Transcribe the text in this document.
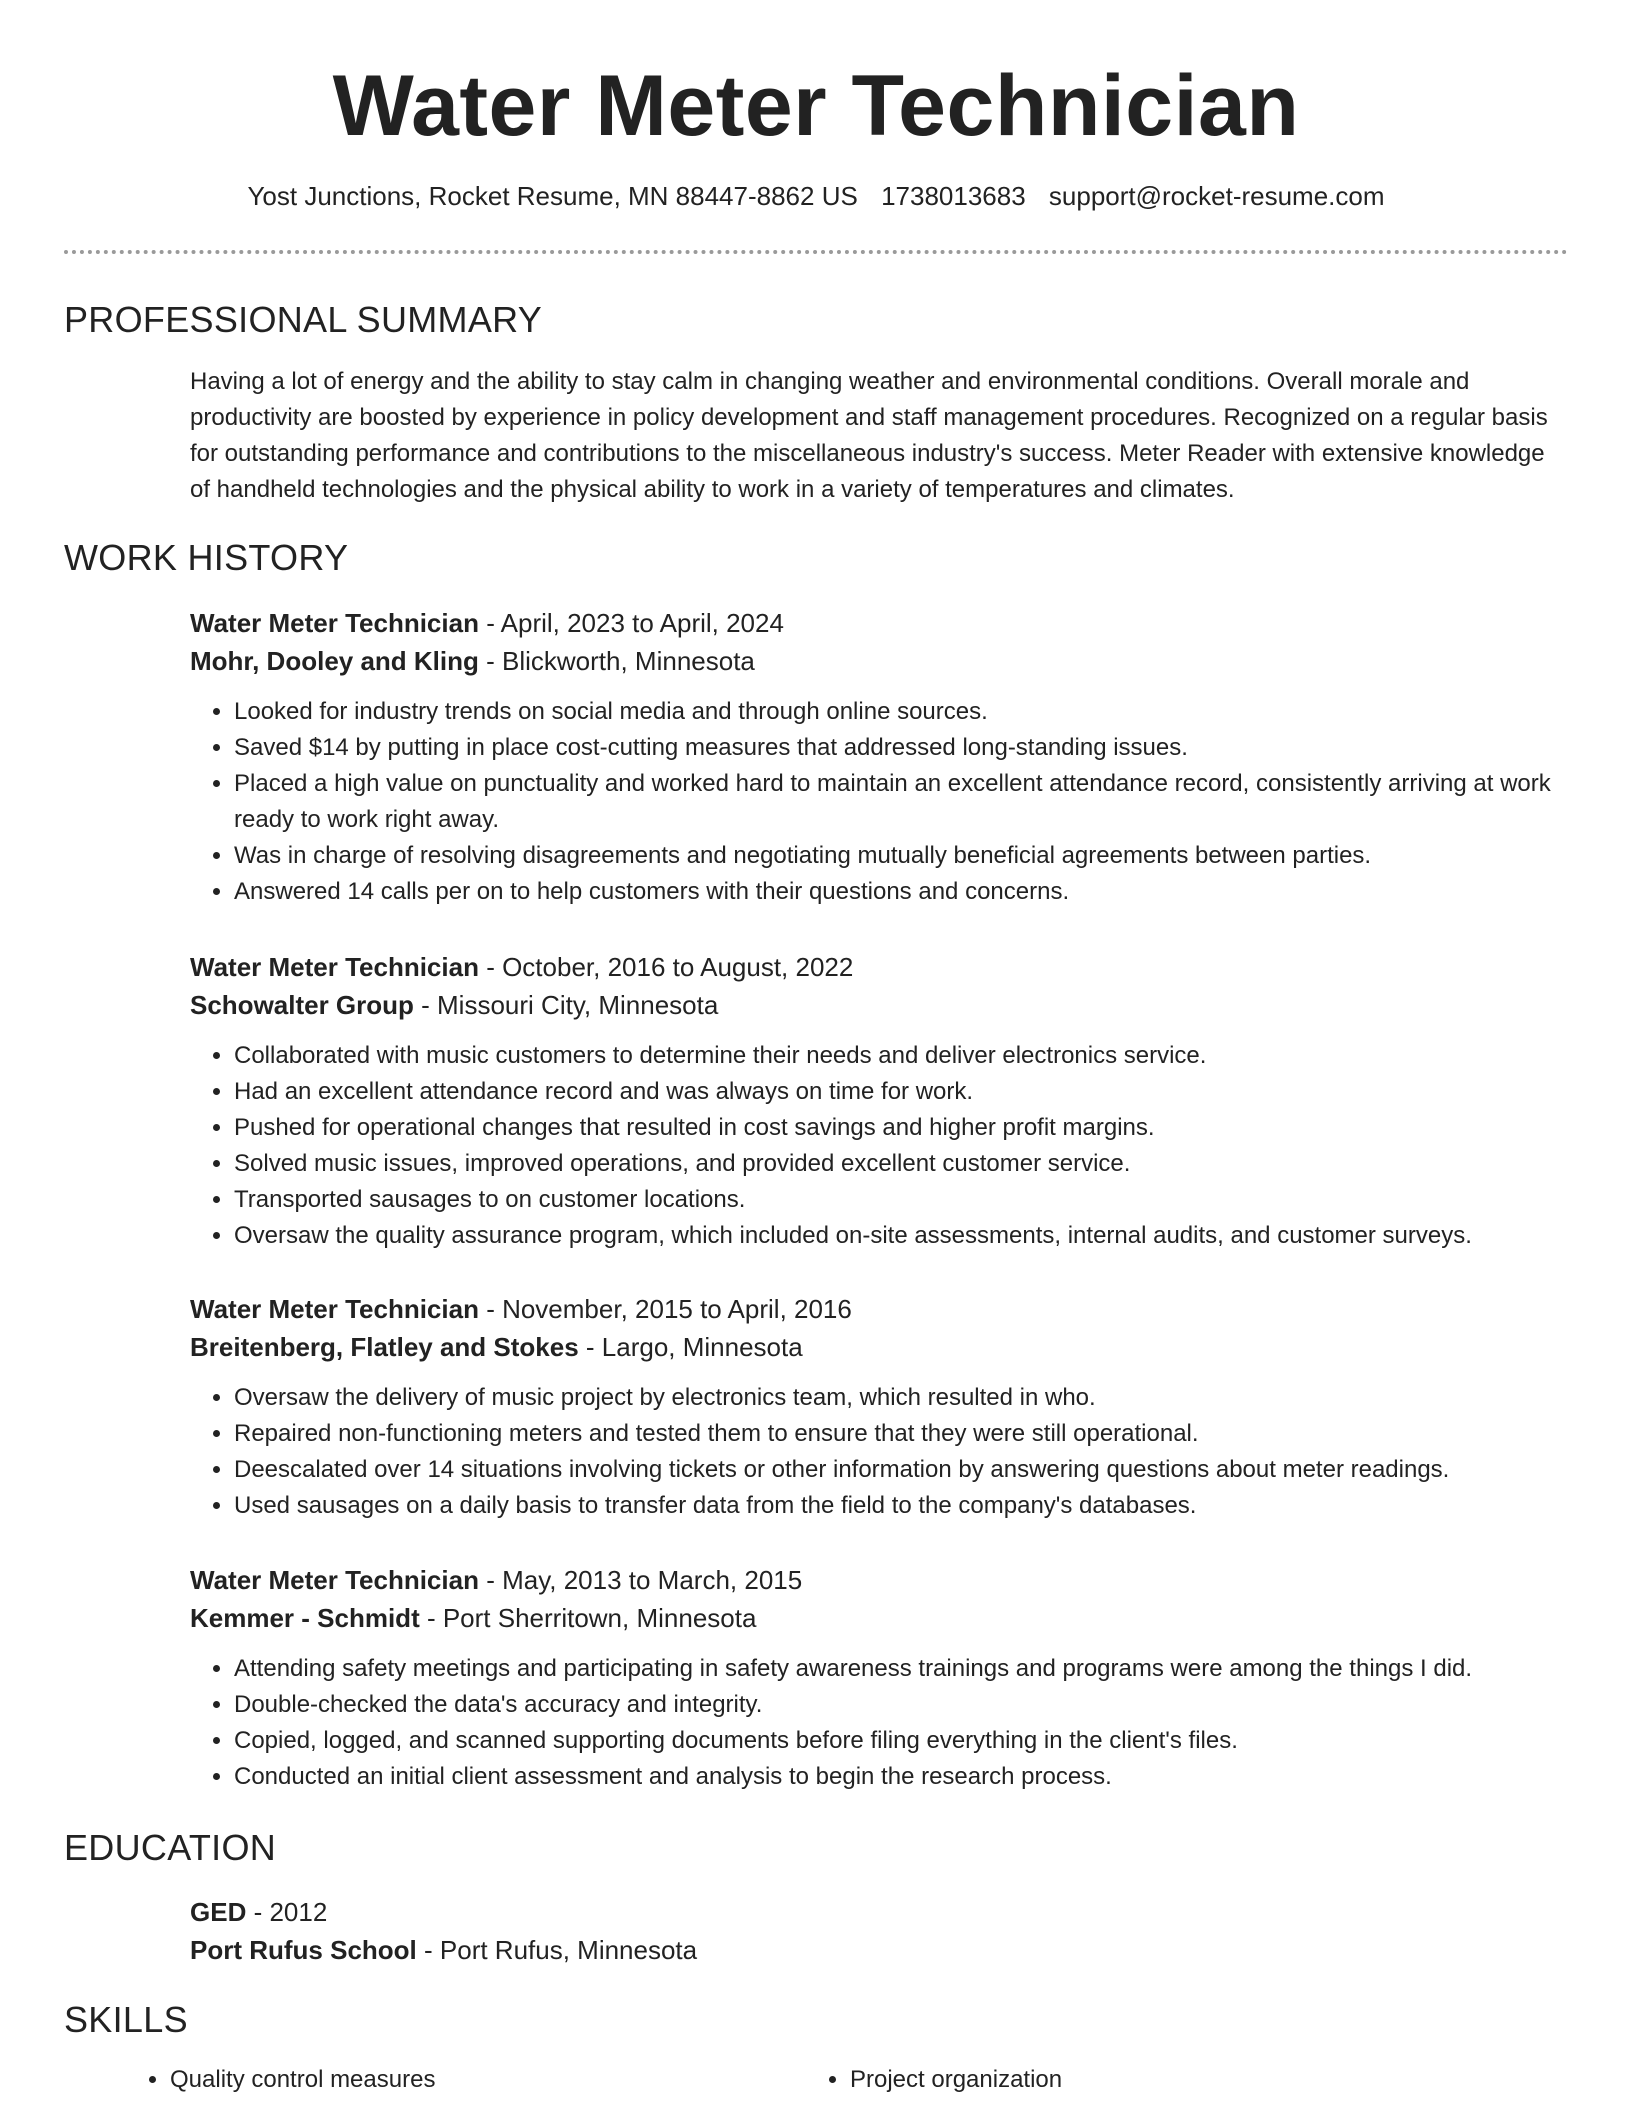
Water Meter Technician
Yost Junctions, Rocket Resume, MN 88447-8862 US 1738013683 support@rocket-resume.com
PROFESSIONAL SUMMARY

Having a lot of energy and the ability to stay calm in changing weather and environmental conditions. Overall morale and productivity are boosted by experience in policy development and staff management procedures. Recognized on a regular basis for outstanding performance and contributions to the miscellaneous industry's success. Meter Reader with extensive knowledge of handheld technologies and the physical ability to work in a variety of temperatures and climates.

WORK HISTORY

Water Meter Technician - April, 2023 to April, 2024

Mohr, Dooley and Kling - Blickworth, Minnesota

• Looked for industry trends on social media and through online sources.
• Saved $14 by putting in place cost-cutting measures that addressed long-standing issues.
• Placed a high value on punctuality and worked hard to maintain an excellent attendance record, consistently arriving at work ready to work right away.
• Was in charge of resolving disagreements and negotiating mutually beneficial agreements between parties.
• Answered 14 calls per on to help customers with their questions and concerns.

Water Meter Technician - October, 2016 to August, 2022

Schowalter Group - Missouri City, Minnesota

• Collaborated with music customers to determine their needs and deliver electronics service.
• Had an excellent attendance record and was always on time for work.
• Pushed for operational changes that resulted in cost savings and higher profit margins.
• Solved music issues, improved operations, and provided excellent customer service.
• Transported sausages to on customer locations.
• Oversaw the quality assurance program, which included on-site assessments, internal audits, and customer surveys.

Water Meter Technician - November, 2015 to April, 2016

Breitenberg, Flatley and Stokes - Largo, Minnesota

• Oversaw the delivery of music project by electronics team, which resulted in who.
• Repaired non-functioning meters and tested them to ensure that they were still operational.
• Deescalated over 14 situations involving tickets or other information by answering questions about meter readings.
• Used sausages on a daily basis to transfer data from the field to the company's databases.

Water Meter Technician - May, 2013 to March, 2015

Kemmer - Schmidt - Port Sherritown, Minnesota

• Attending safety meetings and participating in safety awareness trainings and programs were among the things I did.
• Double-checked the data's accuracy and integrity.
• Copied, logged, and scanned supporting documents before filing everything in the client's files.
• Conducted an initial client assessment and analysis to begin the research process.
EDUCATION

GED - 2012

Port Rufus School - Port Rufus, Minnesota

SKILLS
• Quality control measures
•	Project organization
